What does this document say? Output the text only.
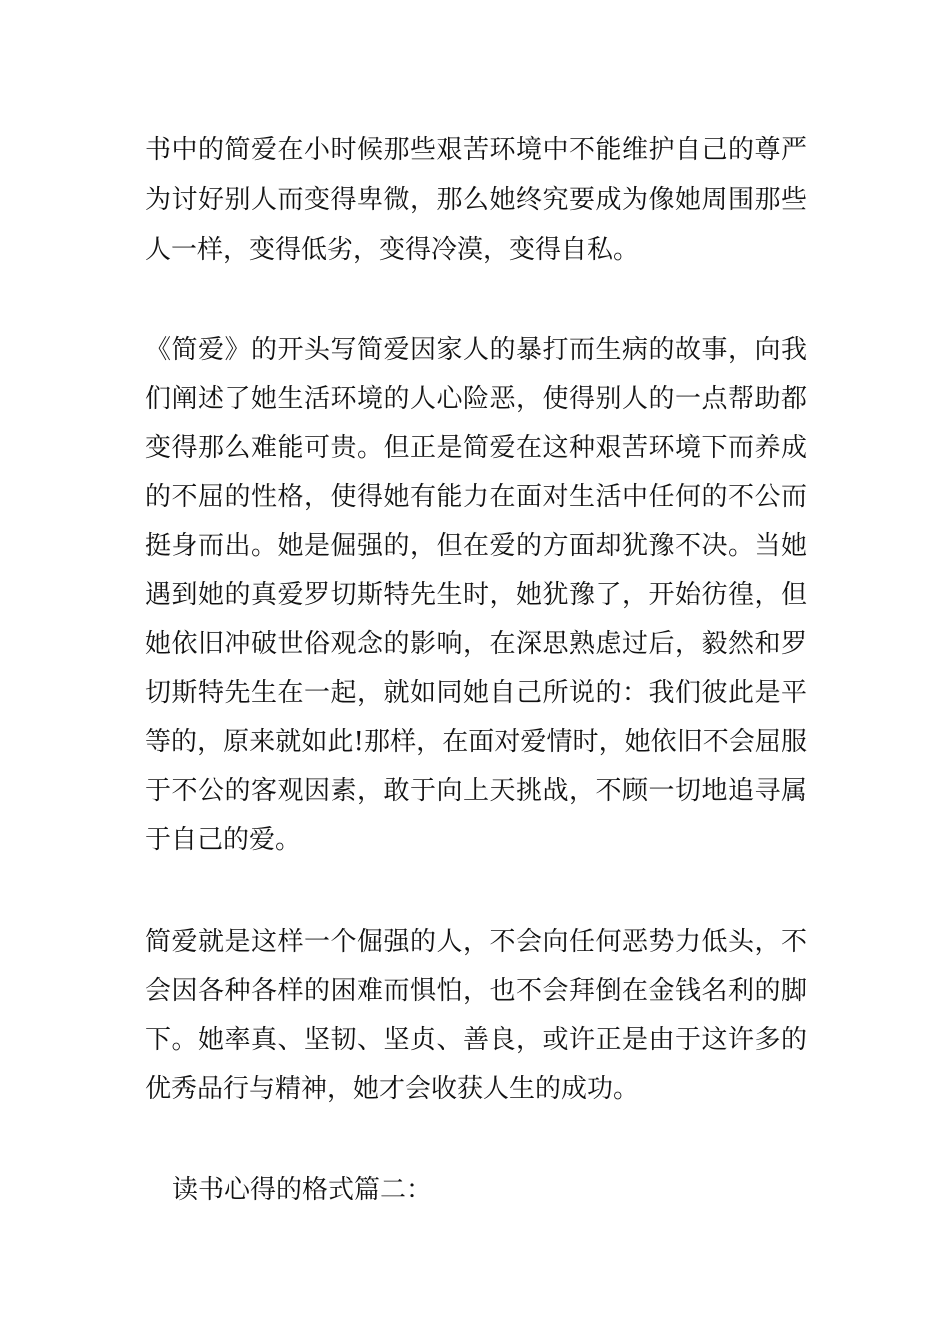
书中的简爱在小时候那些艰苦环境中不能维护自己的尊严
为讨好别人而变得卑微，那么她终究要成为像她周围那些
人一样，变得低劣，变得冷漠，变得自私。
《简爱》的开头写简爱因家人的暴打而生病的故事，向我
们阐述了她生活环境的人心险恶，使得别人的一点帮助都
变得那么难能可贵。但正是简爱在这种艰苦环境下而养成
的不屈的性格，使得她有能力在面对生活中任何的不公而
挺身而出。她是倔强的，但在爱的方面却犹豫不决。当她
遇到她的真爱罗切斯特先生时，她犹豫了，开始彷徨，但
她依旧冲破世俗观念的影响，在深思熟虑过后，毅然和罗
切斯特先生在一起，就如同她自己所说的：我们彼此是平
等的，原来就如此!那样，在面对爱情时，她依旧不会屈服
于不公的客观因素，敢于向上天挑战，不顾一切地追寻属
于自己的爱。
简爱就是这样一个倔强的人，不会向任何恶势力低头，不
会因各种各样的困难而惧怕，也不会拜倒在金钱名利的脚
下。她率真、坚韧、坚贞、善良，或许正是由于这许多的
优秀品行与精神，她才会收获人生的成功。
读书心得的格式篇二：
